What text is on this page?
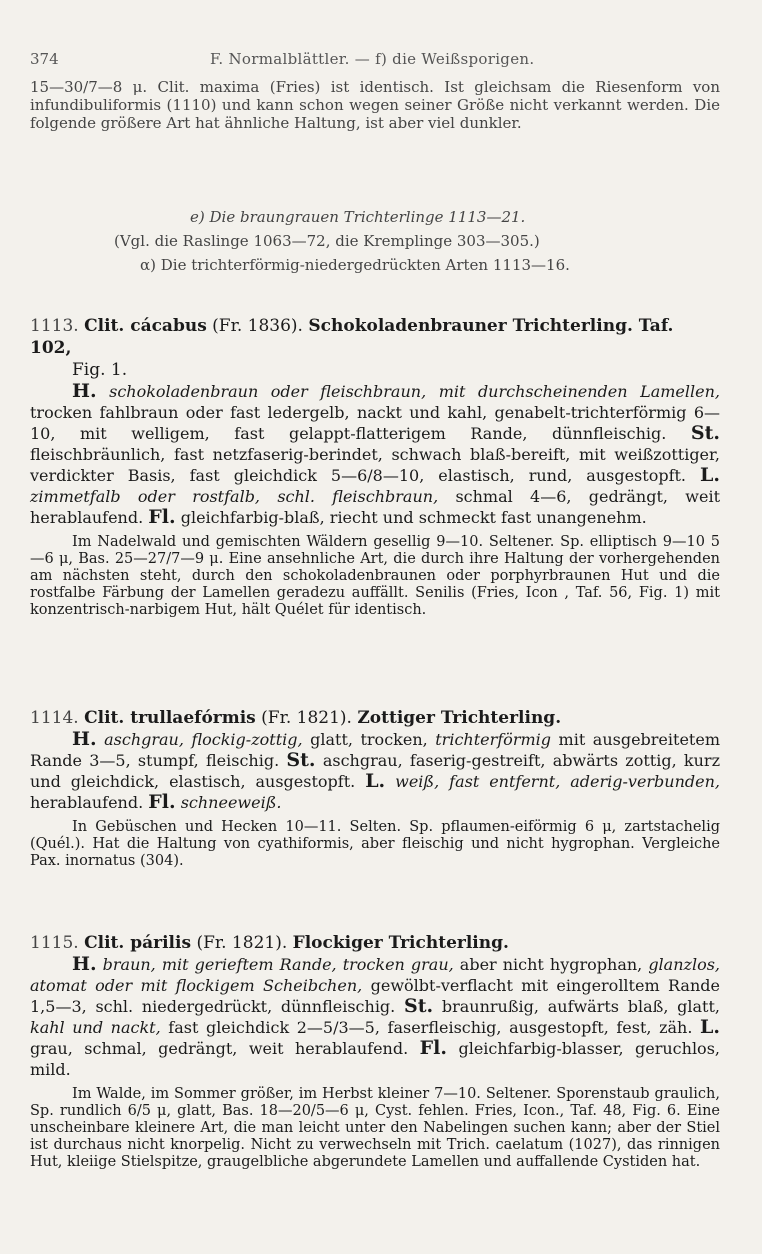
374	F. Normalblättler. — f) die Weißsporigen.

15—30/7—8 μ. Clit. maxima (Fries) ist identisch. Ist gleichsam die Riesenform von infundibuliformis (1110) und kann schon wegen seiner Größe nicht verkannt werden. Die folgende größere Art hat ähnliche Haltung, ist aber viel dunkler.

e) Die braungrauen Trichterlinge 1113—21.
(Vgl. die Raslinge 1063—72, die Kremplinge 303—305.)
α) Die trichterförmig-niedergedrückten Arten 1113—16.

1113. Clit. cácabus (Fr. 1836). Schokoladenbrauner Trichterling. Taf. 102,

Fig. 1.

H. schokoladenbraun oder fleischbraun, mit durchscheinenden Lamellen, trocken fahlbraun oder fast ledergelb, nackt und kahl, genabelt-trichterförmig 6—10, mit welligem, fast gelappt-flatterigem Rande, dünnfleischig. St. fleischbräunlich, fast netzfaserig-berindet, schwach blaß-bereift, mit weißzottiger, verdickter Basis, fast gleichdick 5—6/8—10, elastisch, rund, ausgestopft. L. zimmetfalb oder rostfalb, schl. fleischbraun, schmal 4—6, gedrängt, weit herablaufend. Fl. gleichfarbig-blaß, riecht und schmeckt fast unangenehm.

Im Nadelwald und gemischten Wäldern gesellig 9—10. Seltener. Sp. elliptisch 9—10 5—6 μ, Bas. 25—27/7—9 μ. Eine ansehnliche Art, die durch ihre Haltung der vorhergehenden am nächsten steht, durch den schokoladenbraunen oder porphyrbraunen Hut und die rostfalbe Färbung der Lamellen geradezu auffällt. Senilis (Fries, Icon , Taf. 56, Fig. 1) mit konzentrisch-narbigem Hut, hält Quélet für identisch.

1114. Clit. trullaefórmis (Fr. 1821). Zottiger Trichterling.

H. aschgrau, flockig-zottig, glatt, trocken, trichterförmig mit ausgebreitetem Rande 3—5, stumpf, fleischig. St. aschgrau, faserig-gestreift, abwärts zottig, kurz und gleichdick, elastisch, ausgestopft. L. weiß, fast entfernt, aderig-verbunden, herablaufend. Fl. schneeweiß.

In Gebüschen und Hecken 10—11. Selten. Sp. pflaumen-eiförmig 6 μ, zartstachelig (Quél.). Hat die Haltung von cyathiformis, aber fleischig und nicht hygrophan. Vergleiche Pax. inornatus (304).

1115. Clit. párilis (Fr. 1821). Flockiger Trichterling.

H. braun, mit gerieftem Rande, trocken grau, aber nicht hygrophan, glanzlos, atomat oder mit flockigem Scheibchen, gewölbt-verflacht mit eingerolltem Rande 1,5—3, schl. niedergedrückt, dünnfleischig. St. braunrußig, aufwärts blaß, glatt, kahl und nackt, fast gleichdick 2—5/3—5, faserfleischig, ausgestopft, fest, zäh. L. grau, schmal, gedrängt, weit herablaufend. Fl. gleichfarbig-blasser, geruchlos, mild.

Im Walde, im Sommer größer, im Herbst kleiner 7—10. Seltener. Sporenstaub graulich, Sp. rundlich 6/5 μ, glatt, Bas. 18—20/5—6 μ, Cyst. fehlen. Fries, Icon., Taf. 48, Fig. 6. Eine unscheinbare kleinere Art, die man leicht unter den Nabelingen suchen kann; aber der Stiel ist durchaus nicht knorpelig. Nicht zu verwechseln mit Trich. caelatum (1027), das rinnigen Hut, kleiige Stielspitze, graugelbliche abgerundete Lamellen und auffallende Cystiden hat.
